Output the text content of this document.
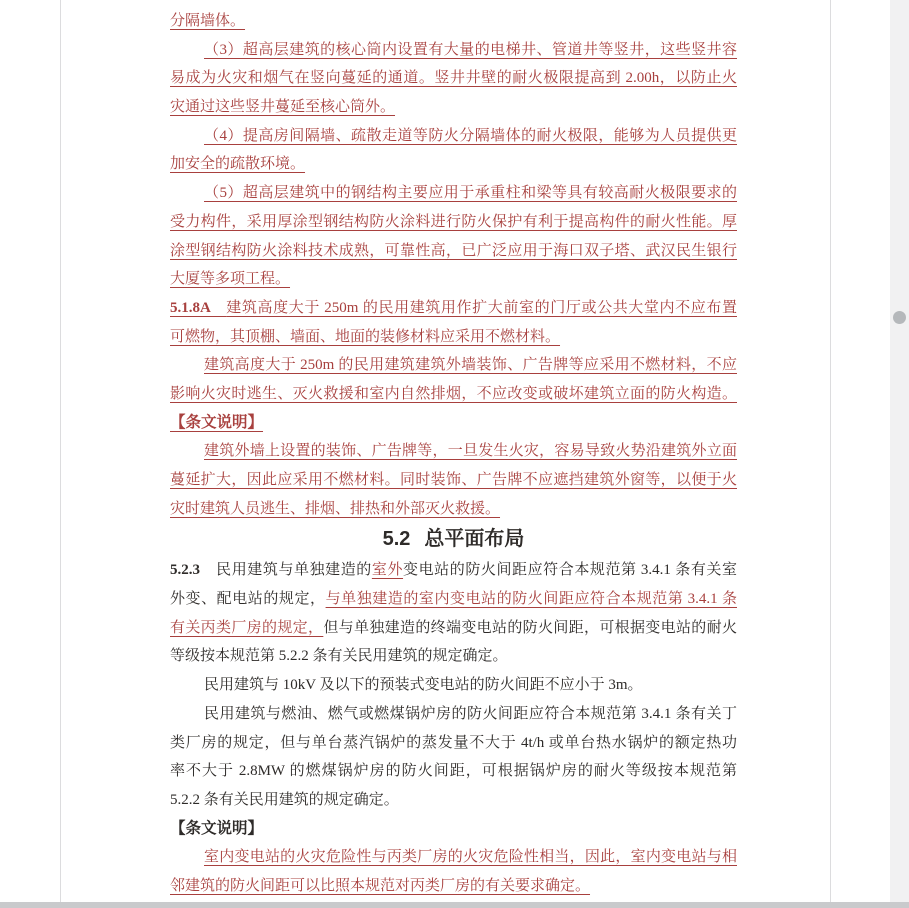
分隔墙体。
（3）超高层建筑的核心筒内设置有大量的电梯井、管道井等竖井，这些竖井容
易成为火灾和烟气在竖向蔓延的通道。竖井井壁的耐火极限提高到 2.00h，以防止火
灾通过这些竖井蔓延至核心筒外。
（4）提高房间隔墙、疏散走道等防火分隔墙体的耐火极限，能够为人员提供更
加安全的疏散环境。
（5）超高层建筑中的钢结构主要应用于承重柱和梁等具有较高耐火极限要求的
受力构件，采用厚涂型钢结构防火涂料进行防火保护有利于提高构件的耐火性能。厚
涂型钢结构防火涂料技术成熟，可靠性高，已广泛应用于海口双子塔、武汉民生银行
大厦等多项工程。
5.1.8A　建筑高度大于 250m 的民用建筑用作扩大前室的门厅或公共大堂内不应布置
可燃物，其顶棚、墙面、地面的装修材料应采用不燃材料。
建筑高度大于 250m 的民用建筑建筑外墙装饰、广告牌等应采用不燃材料，不应
影响火灾时逃生、灭火救援和室内自然排烟，不应改变或破坏建筑立面的防火构造。
【条文说明】
建筑外墙上设置的装饰、广告牌等，一旦发生火灾，容易导致火势沿建筑外立面
蔓延扩大，因此应采用不燃材料。同时装饰、广告牌不应遮挡建筑外窗等，以便于火
灾时建筑人员逃生、排烟、排热和外部灭火救援。
5.2 总平面布局
5.2.3　民用建筑与单独建造的室外变电站的防火间距应符合本规范第 3.4.1 条有关室
外变、配电站的规定，与单独建造的室内变电站的防火间距应符合本规范第 3.4.1 条
有关丙类厂房的规定，但与单独建造的终端变电站的防火间距，可根据变电站的耐火
等级按本规范第 5.2.2 条有关民用建筑的规定确定。
民用建筑与 10kV 及以下的预装式变电站的防火间距不应小于 3m。
民用建筑与燃油、燃气或燃煤锅炉房的防火间距应符合本规范第 3.4.1 条有关丁
类厂房的规定，但与单台蒸汽锅炉的蒸发量不大于 4t/h 或单台热水锅炉的额定热功
率不大于 2.8MW 的燃煤锅炉房的防火间距，可根据锅炉房的耐火等级按本规范第
5.2.2 条有关民用建筑的规定确定。
【条文说明】
室内变电站的火灾危险性与丙类厂房的火灾危险性相当，因此，室内变电站与相
邻建筑的防火间距可以比照本规范对丙类厂房的有关要求确定。
